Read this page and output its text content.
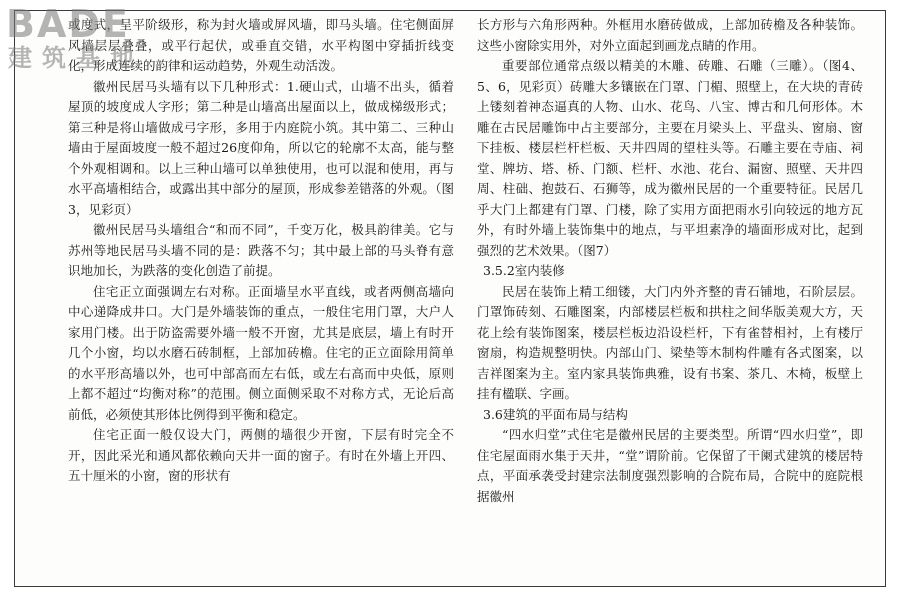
或度式，呈平阶级形，称为封火墙或屏风墙，即马头墙。住宅侧面屏风墙层层叠叠，或平行起伏，或垂直交错，水平构图中穿插折线变化，形成连续的韵律和运动趋势，外观生动活泼。

徽州民居马头墙有以下几种形式：1.硬山式，山墙不出头，循着屋顶的坡度成人字形；第二种是山墙高出屋面以上，做成梯级形式；第三种是将山墙做成弓字形，多用于内庭院小筑。其中第二、三种山墙由于屋面坡度一般不超过26度仰角，所以它的轮廓不太高，能与整个外观相调和。以上三种山墙可以单独使用，也可以混和使用，再与水平高墙相结合，或露出其中部分的屋顶，形成参差错落的外观。（图3，见彩页）

徽州民居马头墙组合“和而不同”，千变万化，极具韵律美。它与苏州等地民居马头墙不同的是：跌落不匀；其中最上部的马头脊有意识地加长，为跌落的变化创造了前提。

住宅正立面强调左右对称。正面墙呈水平直线，或者两侧高墙向中心递降成井口。大门是外墙装饰的重点，一般住宅用门罩，大户人家用门楼。出于防盗需要外墙一般不开窗，尤其是底层，墙上有时开几个小窗，均以水磨石砖制框，上部加砖檐。住宅的正立面除用简单的水平形高墙以外，也可中部高而左右低，或左右高而中央低，原则上都不超过“均衡对称”的范围。侧立面侧采取不对称方式，无论后高前低，必须使其形体比例得到平衡和稳定。

住宅正面一般仅设大门，两侧的墙很少开窗，下层有时完全不开，因此采光和通风都依赖向天井一面的窗子。有时在外墙上开四、五十厘米的小窗，窗的形状有

长方形与六角形两种。外框用水磨砖做成，上部加砖檐及各种装饰。这些小窗除实用外，对外立面起到画龙点睛的作用。

重要部位通常点级以精美的木雕、砖雕、石雕（三雕）。（图4、5、6，见彩页）砖雕大多镶嵌在门罩、门楣、照壁上，在大块的青砖上镂刻着神态逼真的人物、山水、花鸟、八宝、博古和几何形体。木雕在古民居雕饰中占主要部分，主要在月梁头上、平盘头、窗扇、窗下挂板、楼层栏杆栏板、天井四周的望柱头等。石雕主要在寺庙、祠堂、牌坊、塔、桥、门额、栏杆、水池、花台、漏窗、照壁、天井四周、柱础、抱鼓石、石狮等，成为徽州民居的一个重要特征。民居几乎大门上都建有门罩、门楼，除了实用方面把雨水引向较远的地方瓦外，有时外墙上装饰集中的地点，与平坦素净的墙面形成对比，起到强烈的艺术效果。（图7）

3.5.2室内装修

民居在装饰上精工细镂，大门内外齐整的青石铺地，石阶层层。门罩饰砖刻、石雕图案，内部楼层栏板和拱柱之间华版美观大方，天花上绘有装饰图案，楼层栏板边沿设栏杆，下有雀替相衬，上有楼厅窗扇，构造规整明快。内部山门、梁垫等木制构件雕有各式图案，以吉祥图案为主。室内家具装饰典雅，设有书案、茶几、木椅，板壁上挂有楹联、字画。

3.6建筑的平面布局与结构

“四水归堂”式住宅是徽州民居的主要类型。所谓“四水归堂”，即住宅屋面雨水集于天井，“堂”谓阶前。它保留了干阑式建筑的楼居特点，平面承袭受封建宗法制度强烈影响的合院布局，合院中的庭院根据徽州

BADE
建筑基地
